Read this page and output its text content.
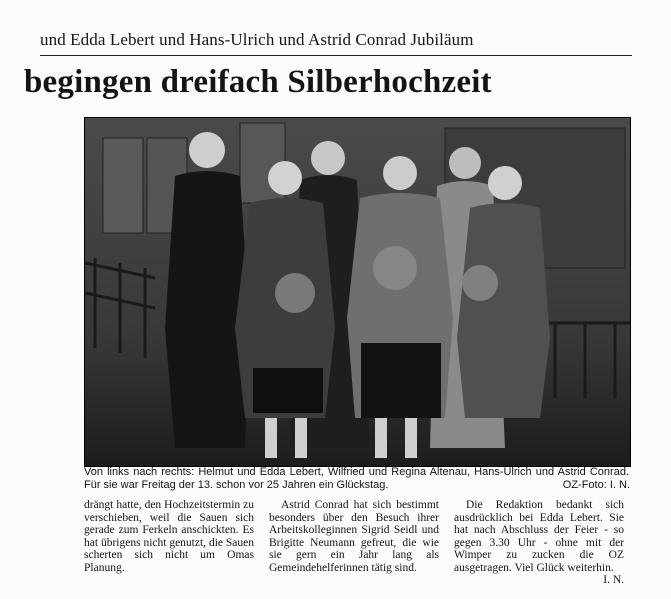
und Edda Lebert und Hans-Ulrich und Astrid Conrad Jubiläum
begingen dreifach Silberhochzeit
Von links nach rechts: Helmut und Edda Lebert, Wilfried und Regina Altenau, Hans-Ulrich und Astrid Conrad. Für sie war Freitag der 13. schon vor 25 Jahren ein Glückstag.	OZ-Foto: I. N.

drängt hatte, den Hochzeitstermin zu verschieben, weil die Sauen sich gerade zum Ferkeln anschickten. Es hat übrigens nicht genutzt, die Sauen scherten sich nicht um Omas Planung.

Astrid Conrad hat sich bestimmt besonders über den Besuch ihrer Arbeitskolleginnen Sigrid Seidl und Brigitte Neumann gefreut, die wie sie gern ein Jahr lang als Gemeindehelferinnen tätig sind.

Die Redaktion bedankt sich ausdrücklich bei Edda Lebert. Sie hat nach Abschluss der Feier - so gegen 3.30 Uhr - ohne mit der Wimper zu zucken die OZ ausgetragen. Viel Glück weiterhin.

I. N.
